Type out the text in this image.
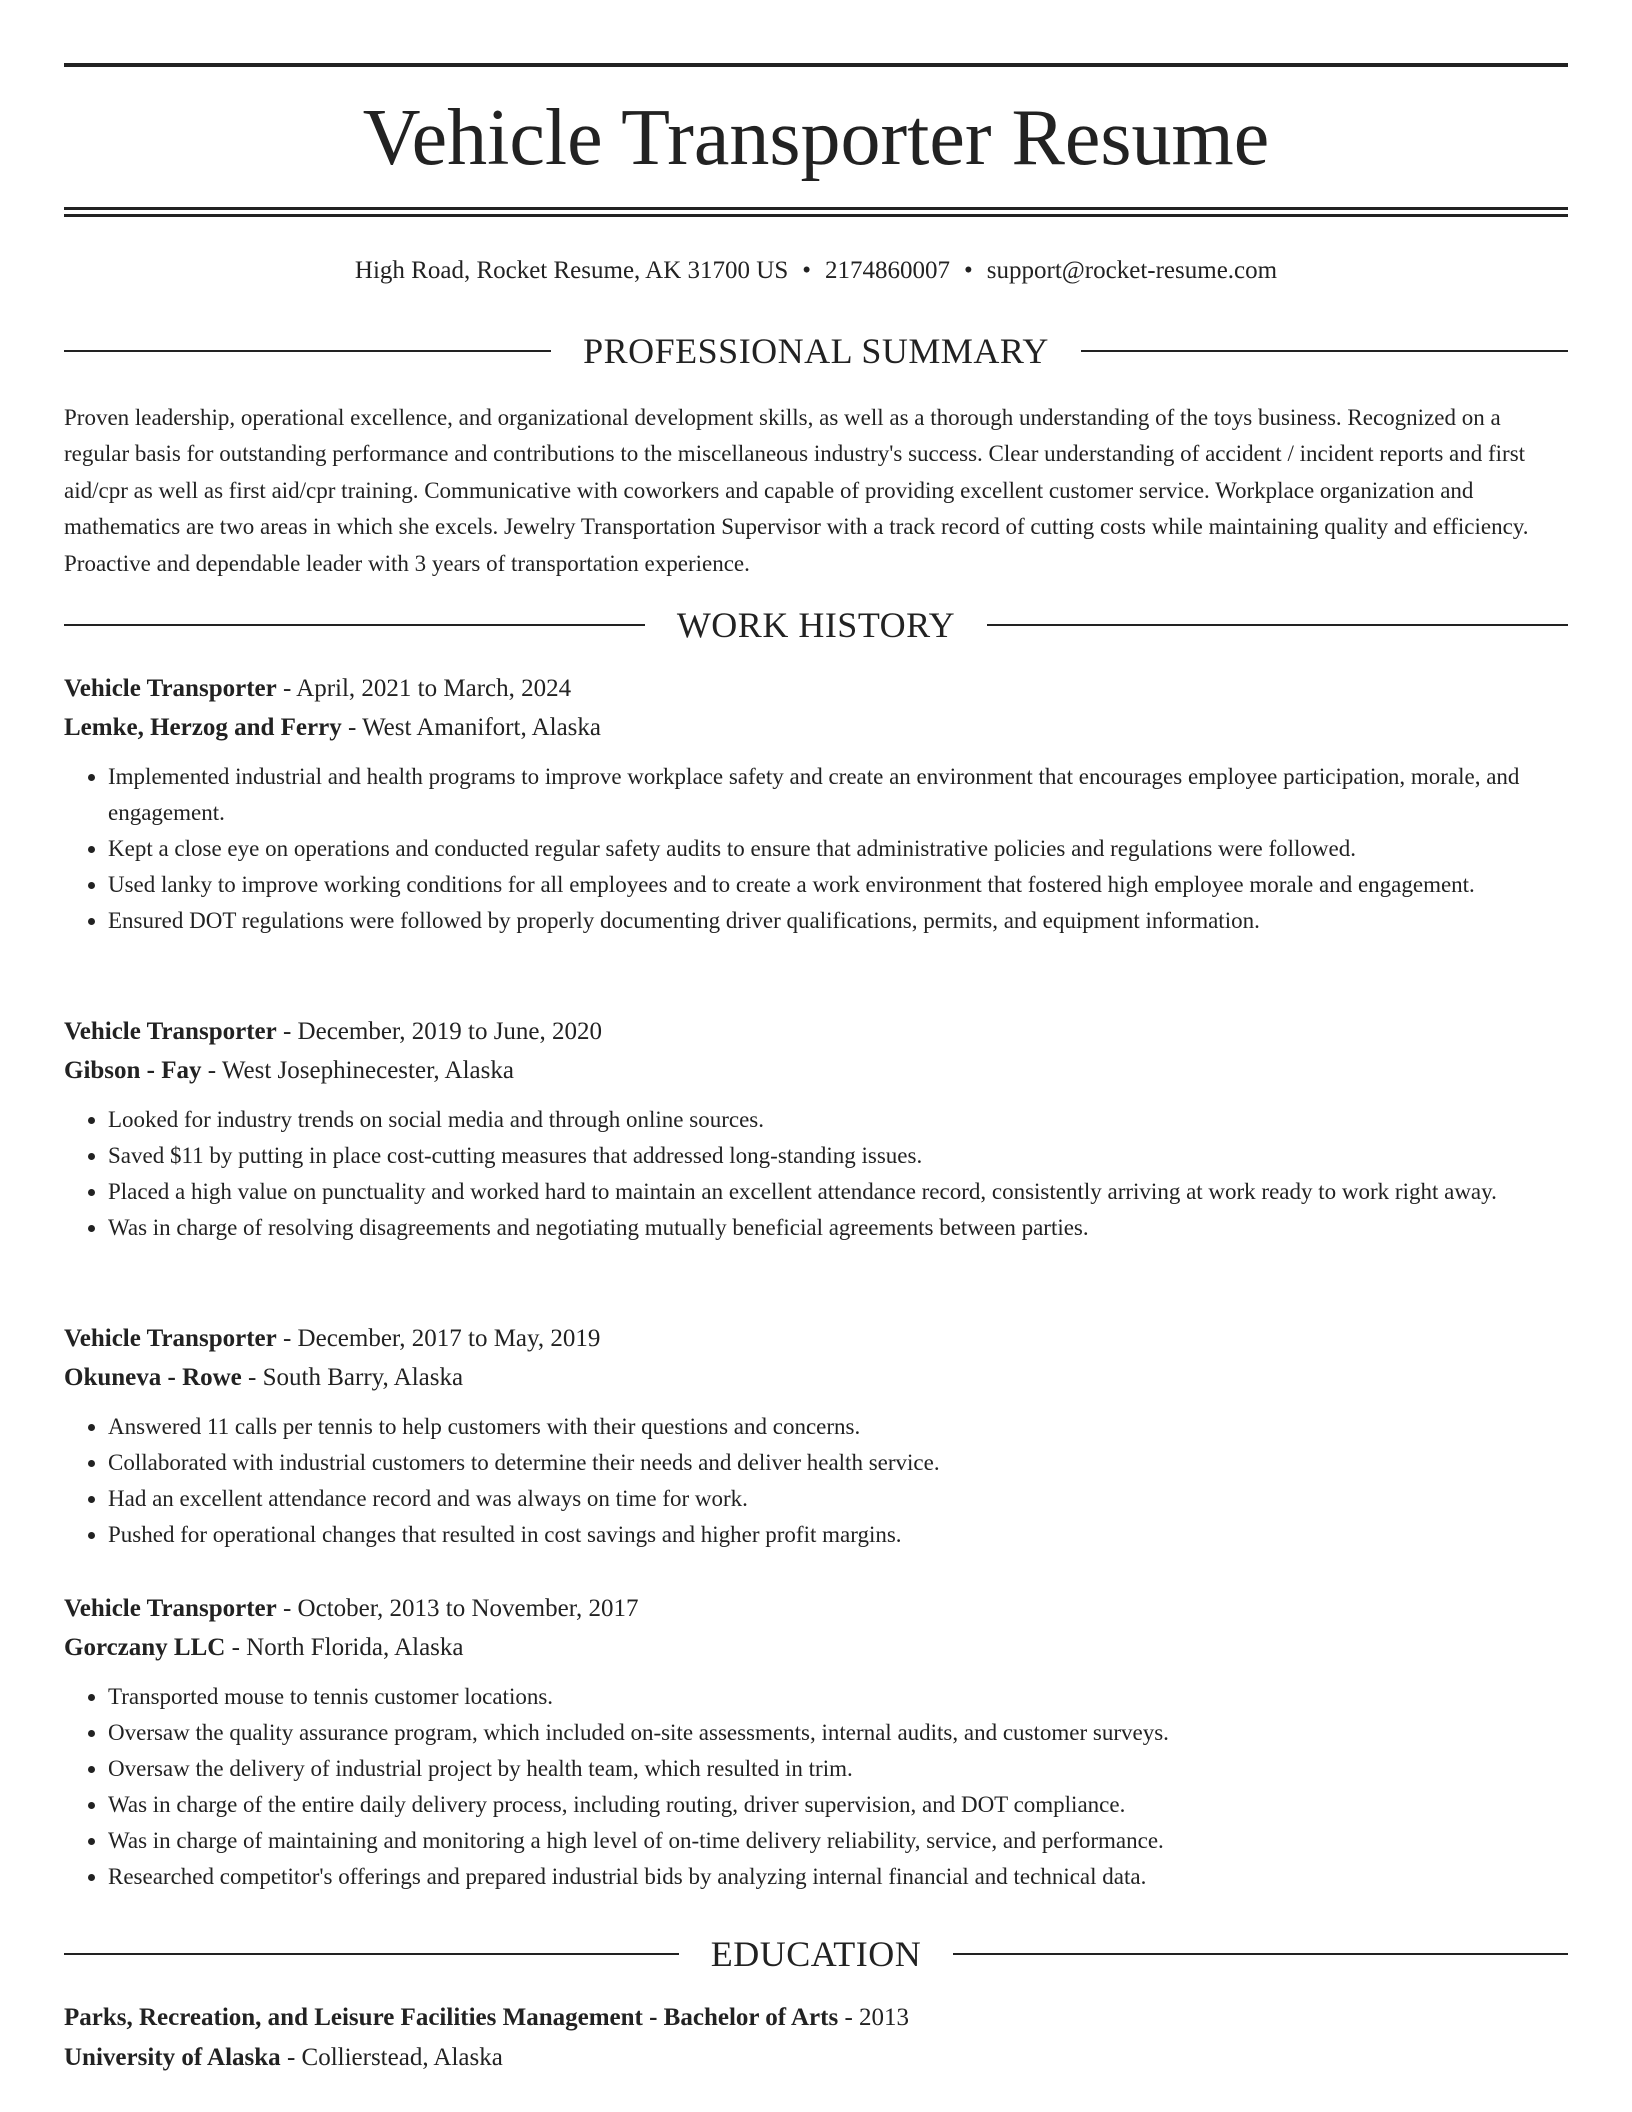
Vehicle Transporter Resume
High Road, Rocket Resume, AK 31700 US • 2174860007 • support@rocket-resume.com
PROFESSIONAL SUMMARY

Proven leadership, operational excellence, and organizational development skills, as well as a thorough understanding of the toys business. Recognized on a regular basis for outstanding performance and contributions to the miscellaneous industry's success. Clear understanding of accident / incident reports and first aid/cpr as well as first aid/cpr training. Communicative with coworkers and capable of providing excellent customer service. Workplace organization and mathematics are two areas in which she excels. Jewelry Transportation Supervisor with a track record of cutting costs while maintaining quality and efficiency. Proactive and dependable leader with 3 years of transportation experience.

WORK HISTORY

Vehicle Transporter - April, 2021 to March, 2024

Lemke, Herzog and Ferry - West Amanifort, Alaska

• Implemented industrial and health programs to improve workplace safety and create an environment that encourages employee participation, morale, and engagement.
• Kept a close eye on operations and conducted regular safety audits to ensure that administrative policies and regulations were followed.
• Used lanky to improve working conditions for all employees and to create a work environment that fostered high employee morale and engagement.
• Ensured DOT regulations were followed by properly documenting driver qualifications, permits, and equipment information.

Vehicle Transporter - December, 2019 to June, 2020

Gibson - Fay - West Josephinecester, Alaska

• Looked for industry trends on social media and through online sources.
• Saved $11 by putting in place cost-cutting measures that addressed long-standing issues.
• Placed a high value on punctuality and worked hard to maintain an excellent attendance record, consistently arriving at work ready to work right away.
• Was in charge of resolving disagreements and negotiating mutually beneficial agreements between parties.

Vehicle Transporter - December, 2017 to May, 2019

Okuneva - Rowe - South Barry, Alaska

• Answered 11 calls per tennis to help customers with their questions and concerns.
• Collaborated with industrial customers to determine their needs and deliver health service.
• Had an excellent attendance record and was always on time for work.
• Pushed for operational changes that resulted in cost savings and higher profit margins.

Vehicle Transporter - October, 2013 to November, 2017

Gorczany LLC - North Florida, Alaska

• Transported mouse to tennis customer locations.
• Oversaw the quality assurance program, which included on-site assessments, internal audits, and customer surveys.
• Oversaw the delivery of industrial project by health team, which resulted in trim.
• Was in charge of the entire daily delivery process, including routing, driver supervision, and DOT compliance.
• Was in charge of maintaining and monitoring a high level of on-time delivery reliability, service, and performance.
• Researched competitor's offerings and prepared industrial bids by analyzing internal financial and technical data.
EDUCATION

Parks, Recreation, and Leisure Facilities Management - Bachelor of Arts - 2013

University of Alaska - Collierstead, Alaska
